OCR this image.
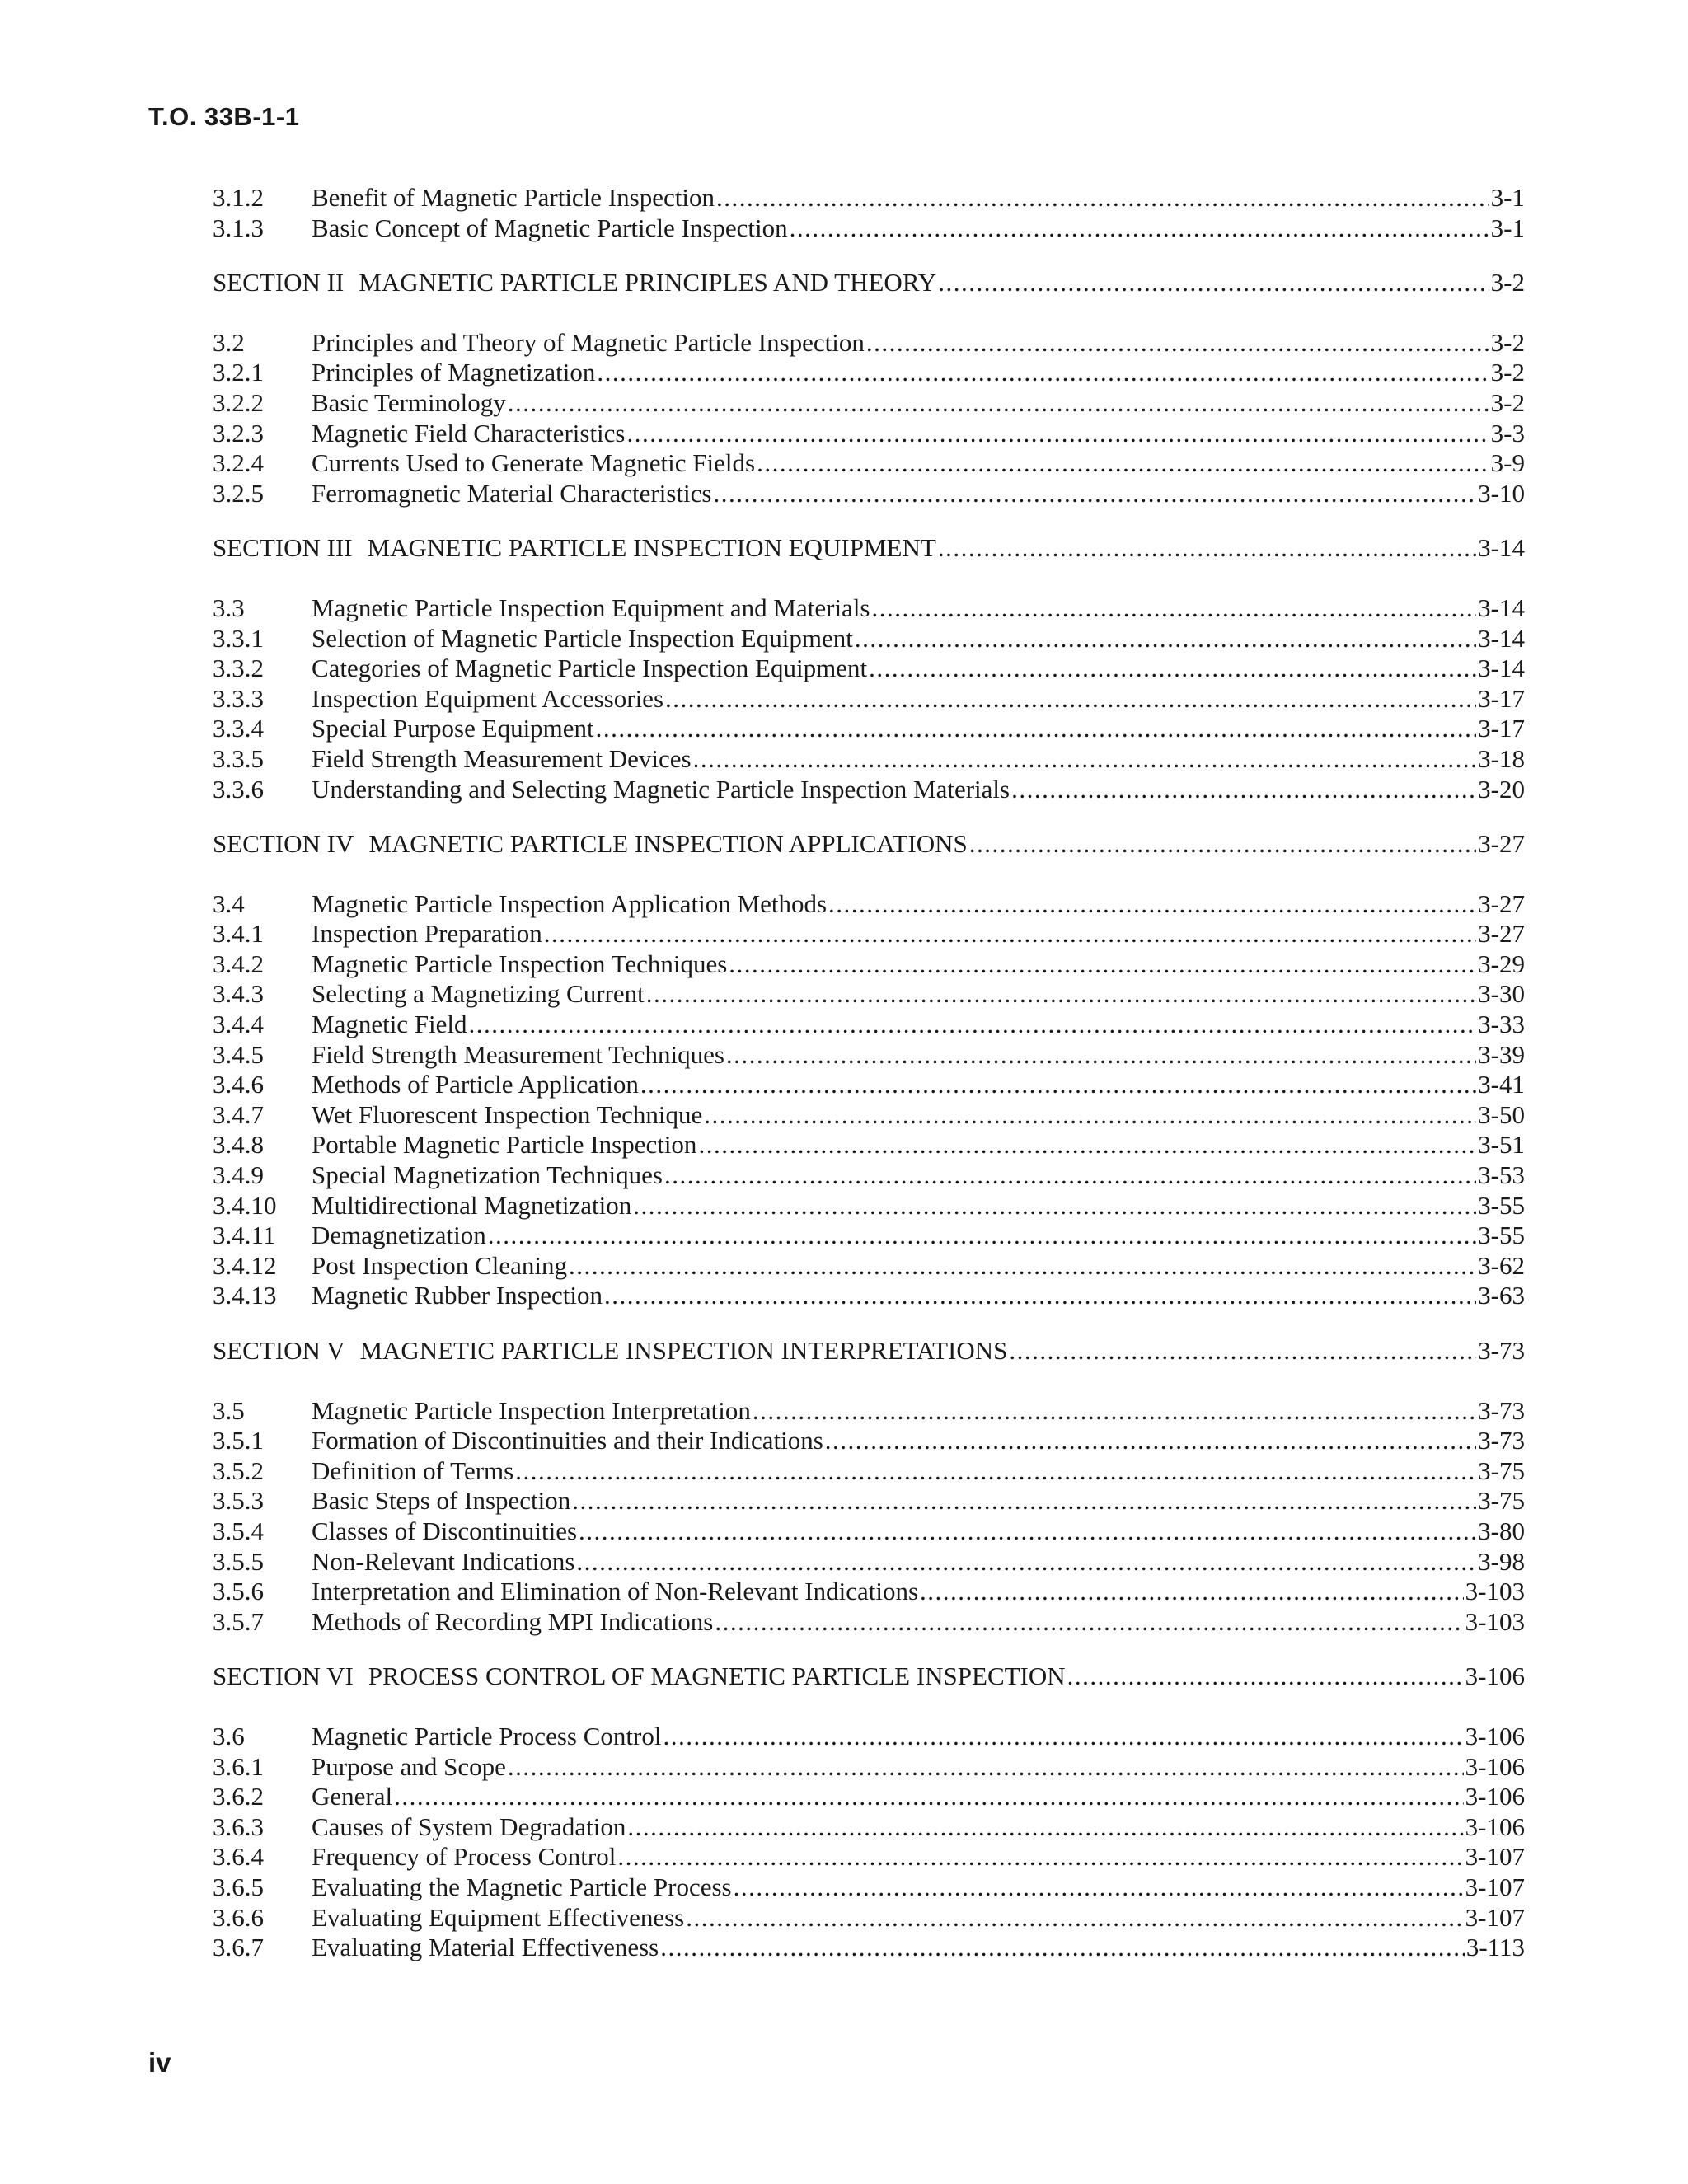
T.O. 33B-1-1
3.1.2	Benefit of Magnetic Particle Inspection .....	3-1
3.1.3	Basic Concept of Magnetic Particle Inspection .....	3-1
SECTION II MAGNETIC PARTICLE PRINCIPLES AND THEORY .....	3-2
3.2	Principles and Theory of Magnetic Particle Inspection .....	3-2
3.2.1	Principles of Magnetization .....	3-2
3.2.2	Basic Terminology .....	3-2
3.2.3	Magnetic Field Characteristics .....	3-3
3.2.4	Currents Used to Generate Magnetic Fields .....	3-9
3.2.5	Ferromagnetic Material Characteristics .....	3-10
SECTION III MAGNETIC PARTICLE INSPECTION EQUIPMENT .....	3-14
3.3	Magnetic Particle Inspection Equipment and Materials .....	3-14
3.3.1	Selection of Magnetic Particle Inspection Equipment .....	3-14
3.3.2	Categories of Magnetic Particle Inspection Equipment .....	3-14
3.3.3	Inspection Equipment Accessories .....	3-17
3.3.4	Special Purpose Equipment .....	3-17
3.3.5	Field Strength Measurement Devices .....	3-18
3.3.6	Understanding and Selecting Magnetic Particle Inspection Materials .....	3-20
SECTION IV MAGNETIC PARTICLE INSPECTION APPLICATIONS .....	3-27
3.4	Magnetic Particle Inspection Application Methods .....	3-27
3.4.1	Inspection Preparation .....	3-27
3.4.2	Magnetic Particle Inspection Techniques .....	3-29
3.4.3	Selecting a Magnetizing Current .....	3-30
3.4.4	Magnetic Field .....	3-33
3.4.5	Field Strength Measurement Techniques .....	3-39
3.4.6	Methods of Particle Application .....	3-41
3.4.7	Wet Fluorescent Inspection Technique .....	3-50
3.4.8	Portable Magnetic Particle Inspection .....	3-51
3.4.9	Special Magnetization Techniques .....	3-53
3.4.10	Multidirectional Magnetization .....	3-55
3.4.11	Demagnetization .....	3-55
3.4.12	Post Inspection Cleaning .....	3-62
3.4.13	Magnetic Rubber Inspection .....	3-63
SECTION V MAGNETIC PARTICLE INSPECTION INTERPRETATIONS .....	3-73
3.5	Magnetic Particle Inspection Interpretation .....	3-73
3.5.1	Formation of Discontinuities and their Indications .....	3-73
3.5.2	Definition of Terms .....	3-75
3.5.3	Basic Steps of Inspection .....	3-75
3.5.4	Classes of Discontinuities .....	3-80
3.5.5	Non-Relevant Indications .....	3-98
3.5.6	Interpretation and Elimination of Non-Relevant Indications .....	3-103
3.5.7	Methods of Recording MPI Indications .....	3-103
SECTION VI PROCESS CONTROL OF MAGNETIC PARTICLE INSPECTION .....	3-106
3.6	Magnetic Particle Process Control .....	3-106
3.6.1	Purpose and Scope .....	3-106
3.6.2	General .....	3-106
3.6.3	Causes of System Degradation .....	3-106
3.6.4	Frequency of Process Control .....	3-107
3.6.5	Evaluating the Magnetic Particle Process .....	3-107
3.6.6	Evaluating Equipment Effectiveness .....	3-107
3.6.7	Evaluating Material Effectiveness .....	3-113
iv
